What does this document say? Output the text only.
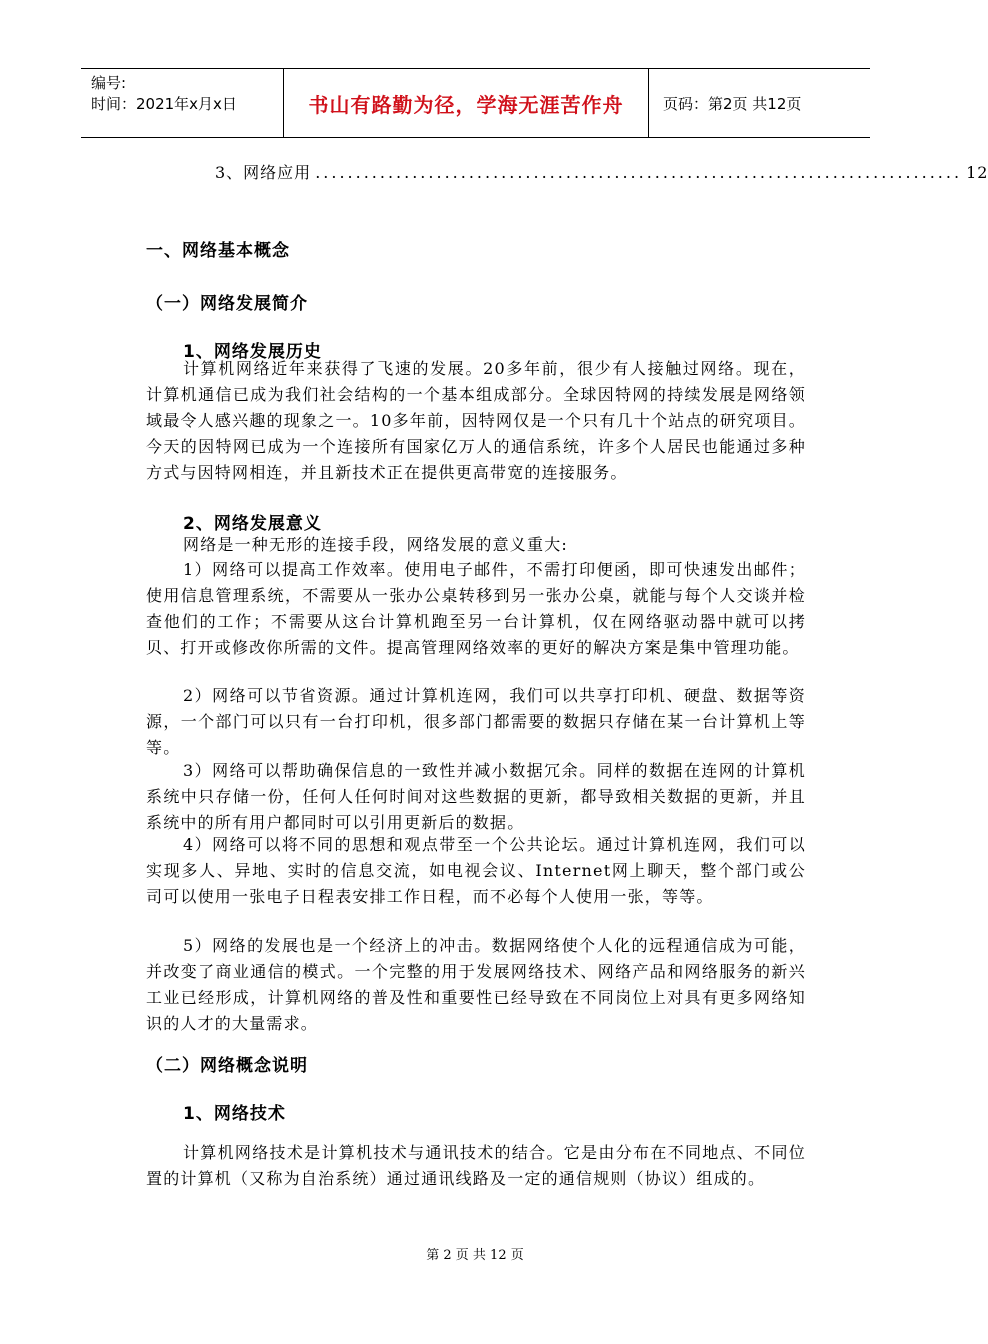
编号:
时间：2021年x月x日	书山有路勤为径，学海无涯苦作舟	页码：第2页 共12页
3、网络应用 ................................................................................ 12
一、网络基本概念
（一）网络发展简介
1、网络发展历史
计算机网络近年来获得了飞速的发展。20多年前，很少有人接触过网络。现在，计算机通信已成为我们社会结构的一个基本组成部分。全球因特网的持续发展是网络领域最令人感兴趣的现象之一。10多年前，因特网仅是一个只有几十个站点的研究项目。今天的因特网已成为一个连接所有国家亿万人的通信系统，许多个人居民也能通过多种方式与因特网相连，并且新技术正在提供更高带宽的连接服务。
2、网络发展意义
网络是一种无形的连接手段，网络发展的意义重大:
1）网络可以提高工作效率。使用电子邮件，不需打印便函，即可快速发出邮件；使用信息管理系统，不需要从一张办公桌转移到另一张办公桌，就能与每个人交谈并检查他们的工作；不需要从这台计算机跑至另一台计算机，仅在网络驱动器中就可以拷贝、打开或修改你所需的文件。提高管理网络效率的更好的解决方案是集中管理功能。
2）网络可以节省资源。通过计算机连网，我们可以共享打印机、硬盘、数据等资源，一个部门可以只有一台打印机，很多部门都需要的数据只存储在某一台计算机上等等。
3）网络可以帮助确保信息的一致性并减小数据冗余。同样的数据在连网的计算机系统中只存储一份，任何人任何时间对这些数据的更新，都导致相关数据的更新，并且系统中的所有用户都同时可以引用更新后的数据。
4）网络可以将不同的思想和观点带至一个公共论坛。通过计算机连网，我们可以实现多人、异地、实时的信息交流，如电视会议、Internet网上聊天，整个部门或公司可以使用一张电子日程表安排工作日程，而不必每个人使用一张，等等。
5）网络的发展也是一个经济上的冲击。数据网络使个人化的远程通信成为可能，并改变了商业通信的模式。一个完整的用于发展网络技术、网络产品和网络服务的新兴工业已经形成，计算机网络的普及性和重要性已经导致在不同岗位上对具有更多网络知识的人才的大量需求。
（二）网络概念说明
1、网络技术
计算机网络技术是计算机技术与通讯技术的结合。它是由分布在不同地点、不同位置的计算机（又称为自治系统）通过通讯线路及一定的通信规则（协议）组成的。
第 2 页 共 12 页
